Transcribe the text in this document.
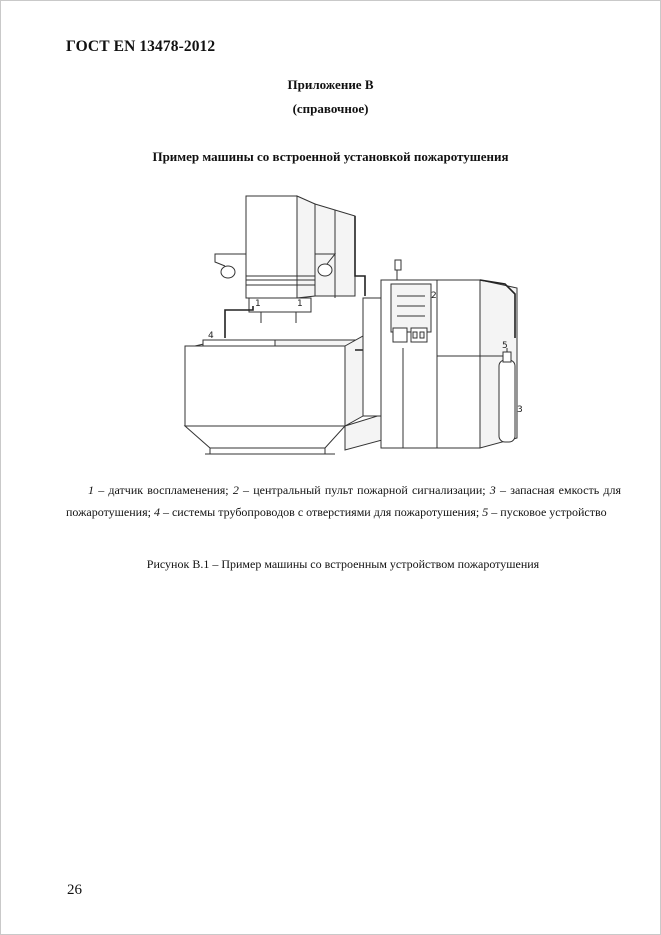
ГОСТ EN 13478-2012
Приложение В
(справочное)
Пример машины со встроенной установкой пожаротушения
1	1
2
3
4
5
1 – датчик воспламенения; 2 – центральный пульт пожарной сигнализации; 3 – запасная емкость для пожаротушения; 4 – системы трубопроводов с отверстиями для пожаротушения; 5 – пусковое устройство
Рисунок В.1 – Пример машины со встроенным устройством пожаротушения
26
